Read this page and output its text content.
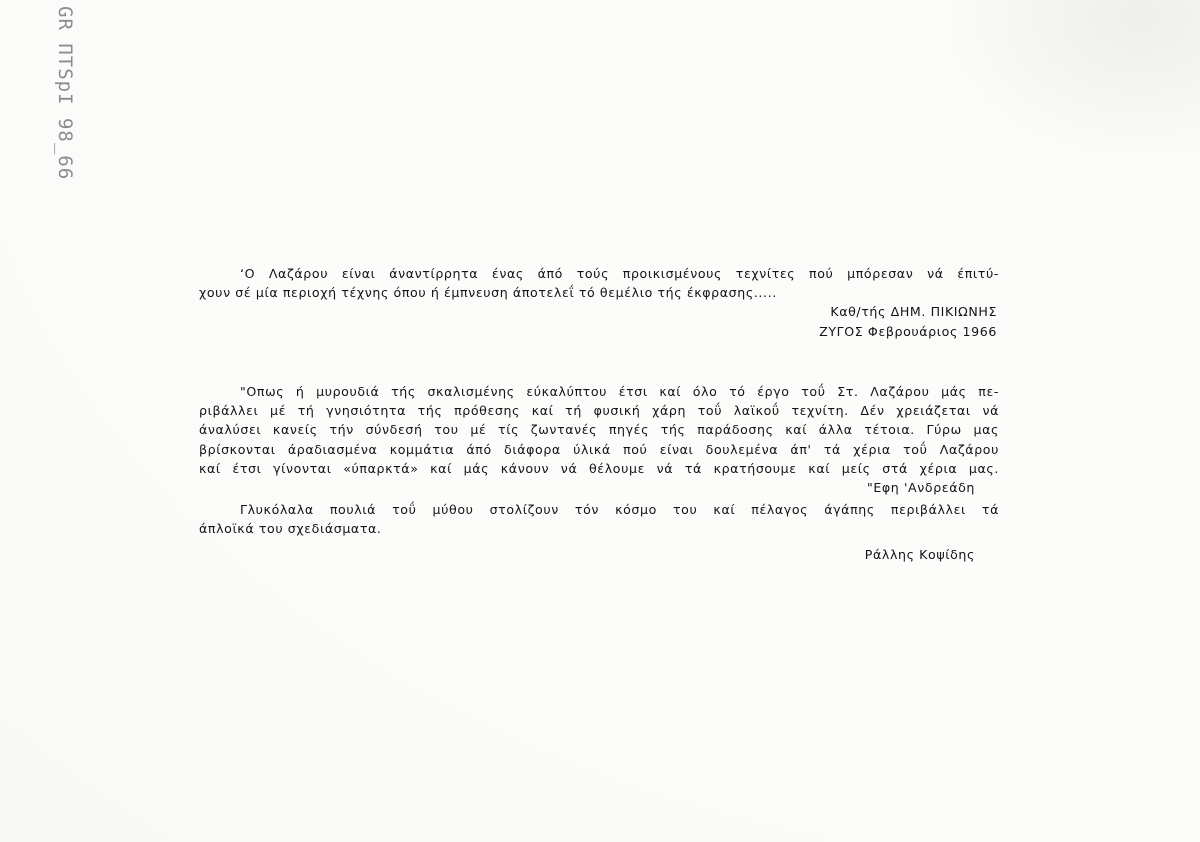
GR ΠΤSpI 98_66
‘Ο Λαζάρου είναι άναντίρρητα ένας άπό τούς προικισμένους τεχνίτες πού μπόρεσαν νά έπιτύ-
χουν σέ μία περιοχή τέχνης όπου ή έμπνευση άποτελεΐ τό θεμέλιο τής έκφρασης.....
Καθ/τής ΔΗΜ. ΠΙΚΙΩΝΗΣ
ΖΥΓΟΣ Φεβρουάριος 1966
"Οπως ή μυρουδιά τής σκαλισμένης εύκαλύπτου έτσι καί όλο τό έργο τοΰ Στ. Λαζάρου μάς πε-
ριβάλλει μέ τή γνησιότητα τής πρόθεσης καί τή φυσική χάρη τοΰ λαϊκοΰ τεχνίτη. Δέν χρειάζεται νά
άναλύσει κανείς τήν σύνδεσή του μέ τίς ζωντανές πηγές τής παράδοσης καί άλλα τέτοια. Γύρω μας
βρίσκονται άραδιασμένα κομμάτια άπό διάφορα ύλικά πού είναι δουλεμένα άπ' τά χέρια τοΰ Λαζάρου
καί έτσι γίνονται «ύπαρκτά» καί μάς κάνουν νά θέλουμε νά τά κρατήσουμε καί μείς στά χέρια μας.
"Εφη 'Ανδρεάδη
Γλυκόλαλα πουλιά τοΰ μύθου στολίζουν τόν κόσμο του καί πέλαγος άγάπης περιβάλλει τά
άπλοϊκά του σχεδιάσματα.
Ράλλης Κοψίδης
